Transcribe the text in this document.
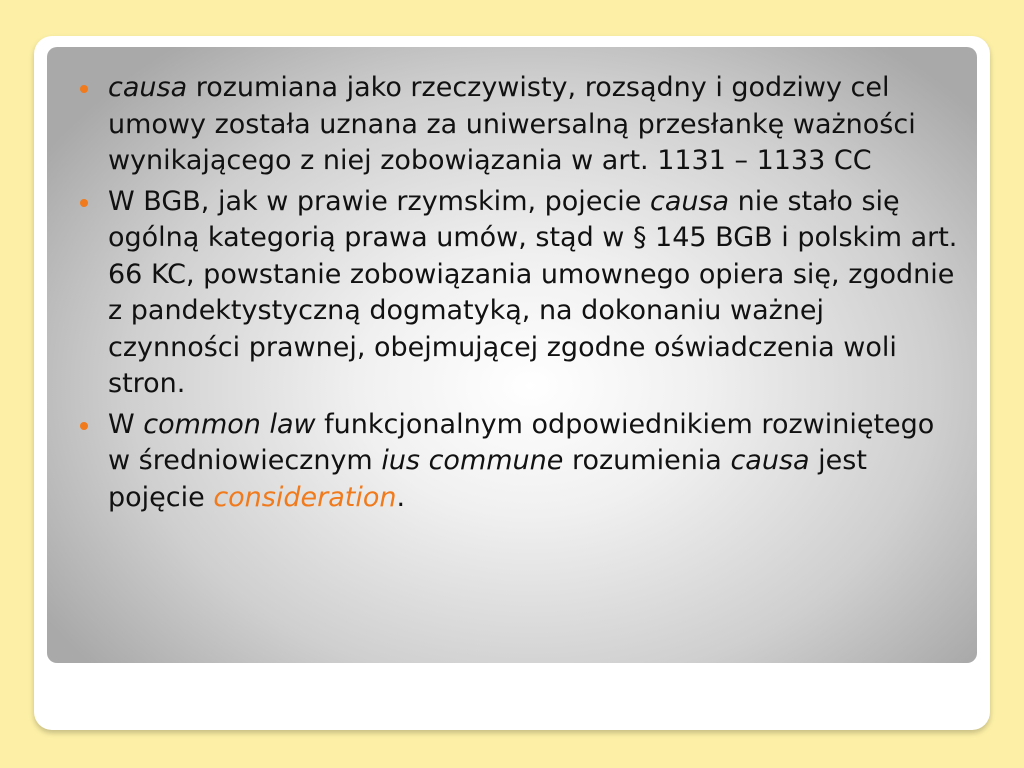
causa rozumiana jako rzeczywisty, rozsądny i godziwy cel umowy została uznana za uniwersalną przesłankę ważności wynikającego z niej zobowiązania w art. 1131 – 1133 CC
W BGB, jak w prawie rzymskim, pojecie causa nie stało się ogólną kategorią prawa umów, stąd w § 145 BGB i polskim art. 66 KC, powstanie zobowiązania umownego opiera się, zgodnie z pandektystyczną dogmatyką, na dokonaniu ważnej czynności prawnej, obejmującej zgodne oświadczenia woli stron.
W common law funkcjonalnym odpowiednikiem rozwiniętego w średniowiecznym ius commune rozumienia causa jest pojęcie consideration.
